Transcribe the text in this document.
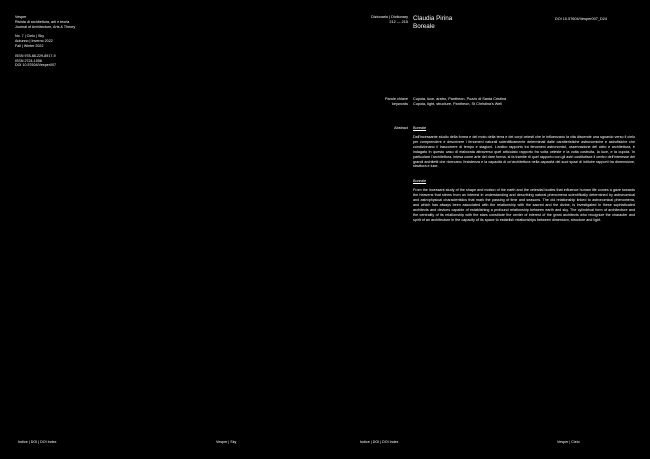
Vesper
Rivista di architettura, arti e teoria
Journal of Architecture, Arts & Theory
No. 7 | Cielo | Sky
Autunno | Inverno 2022
Fall | Winter 2022
ISSN 978-88-229-8917-9
ISSN 2724-1556
DOI 10.57604/Vesper007
Dizionario | Dictionary
212 — 215 Claudia Pirina
Boreale
DOI 10.57604/Vesper007_D24
Parole chiave
keywords
Cupola, luce, aratro, Pantheon, Pozzo di Santa Cristina
Cupola, light, structure, Pantheon, St Christina's Well
Abstract Boreale
Dall'incessante studio della forma e del moto della terra e dei corpi celesti che le influenzano la vita discende una sguardo verso il cielo per comprendere e descrivere i fenomeni naturali scientificamente determinati dalle caratteristiche astronomiche e astrofisiche che condizionano il trascorrere di tempo e stagioni. L'antico rapporto tra fenomeni astronomici, osservazione del cielo e architettura, è indagato in questo caso di elaborata attraverso quel articolato rapporto fra volta celeste e la volta costruita, la luce, e la cupola. In particolare l'architettura, intesa come arte del dare forma, si fa tramite di quel rapporto con gli astri costitutisce il centro dell'interesse dei grandi architetti che ricercano l'esistenza e la capacità di un'architettura nella capacità dei suoi spazi di istituire rapporti tra dimensione, struttura e luce.
Boreale
From the incessant study of the shape and motion of the earth and the celestial bodies that influence human life comes a gaze towards the heavens that stems from an interest in understanding and describing natural phenomena scientifically determined by astronomical and astrophysical characteristics that mark the passing of time and seasons. The old relationship linked to astronomical phenomena, and which has always been associated with the relationship with the sacred and the divine, is investigated in these sophisticated architects and devices capable of establishing a profound relationship between earth and sky. The cylindrical form of architecture and the centrality of its relationship with the stars constitute the center of interest of the great architects who recognize the character and spirit of an architecture in the capacity of its space to establish relationships between dimension, structure and light.
Indice | DOI | DOI Index	Vesper | Sky	Indice | DOI | DOI Index	Vesper | Cielo
